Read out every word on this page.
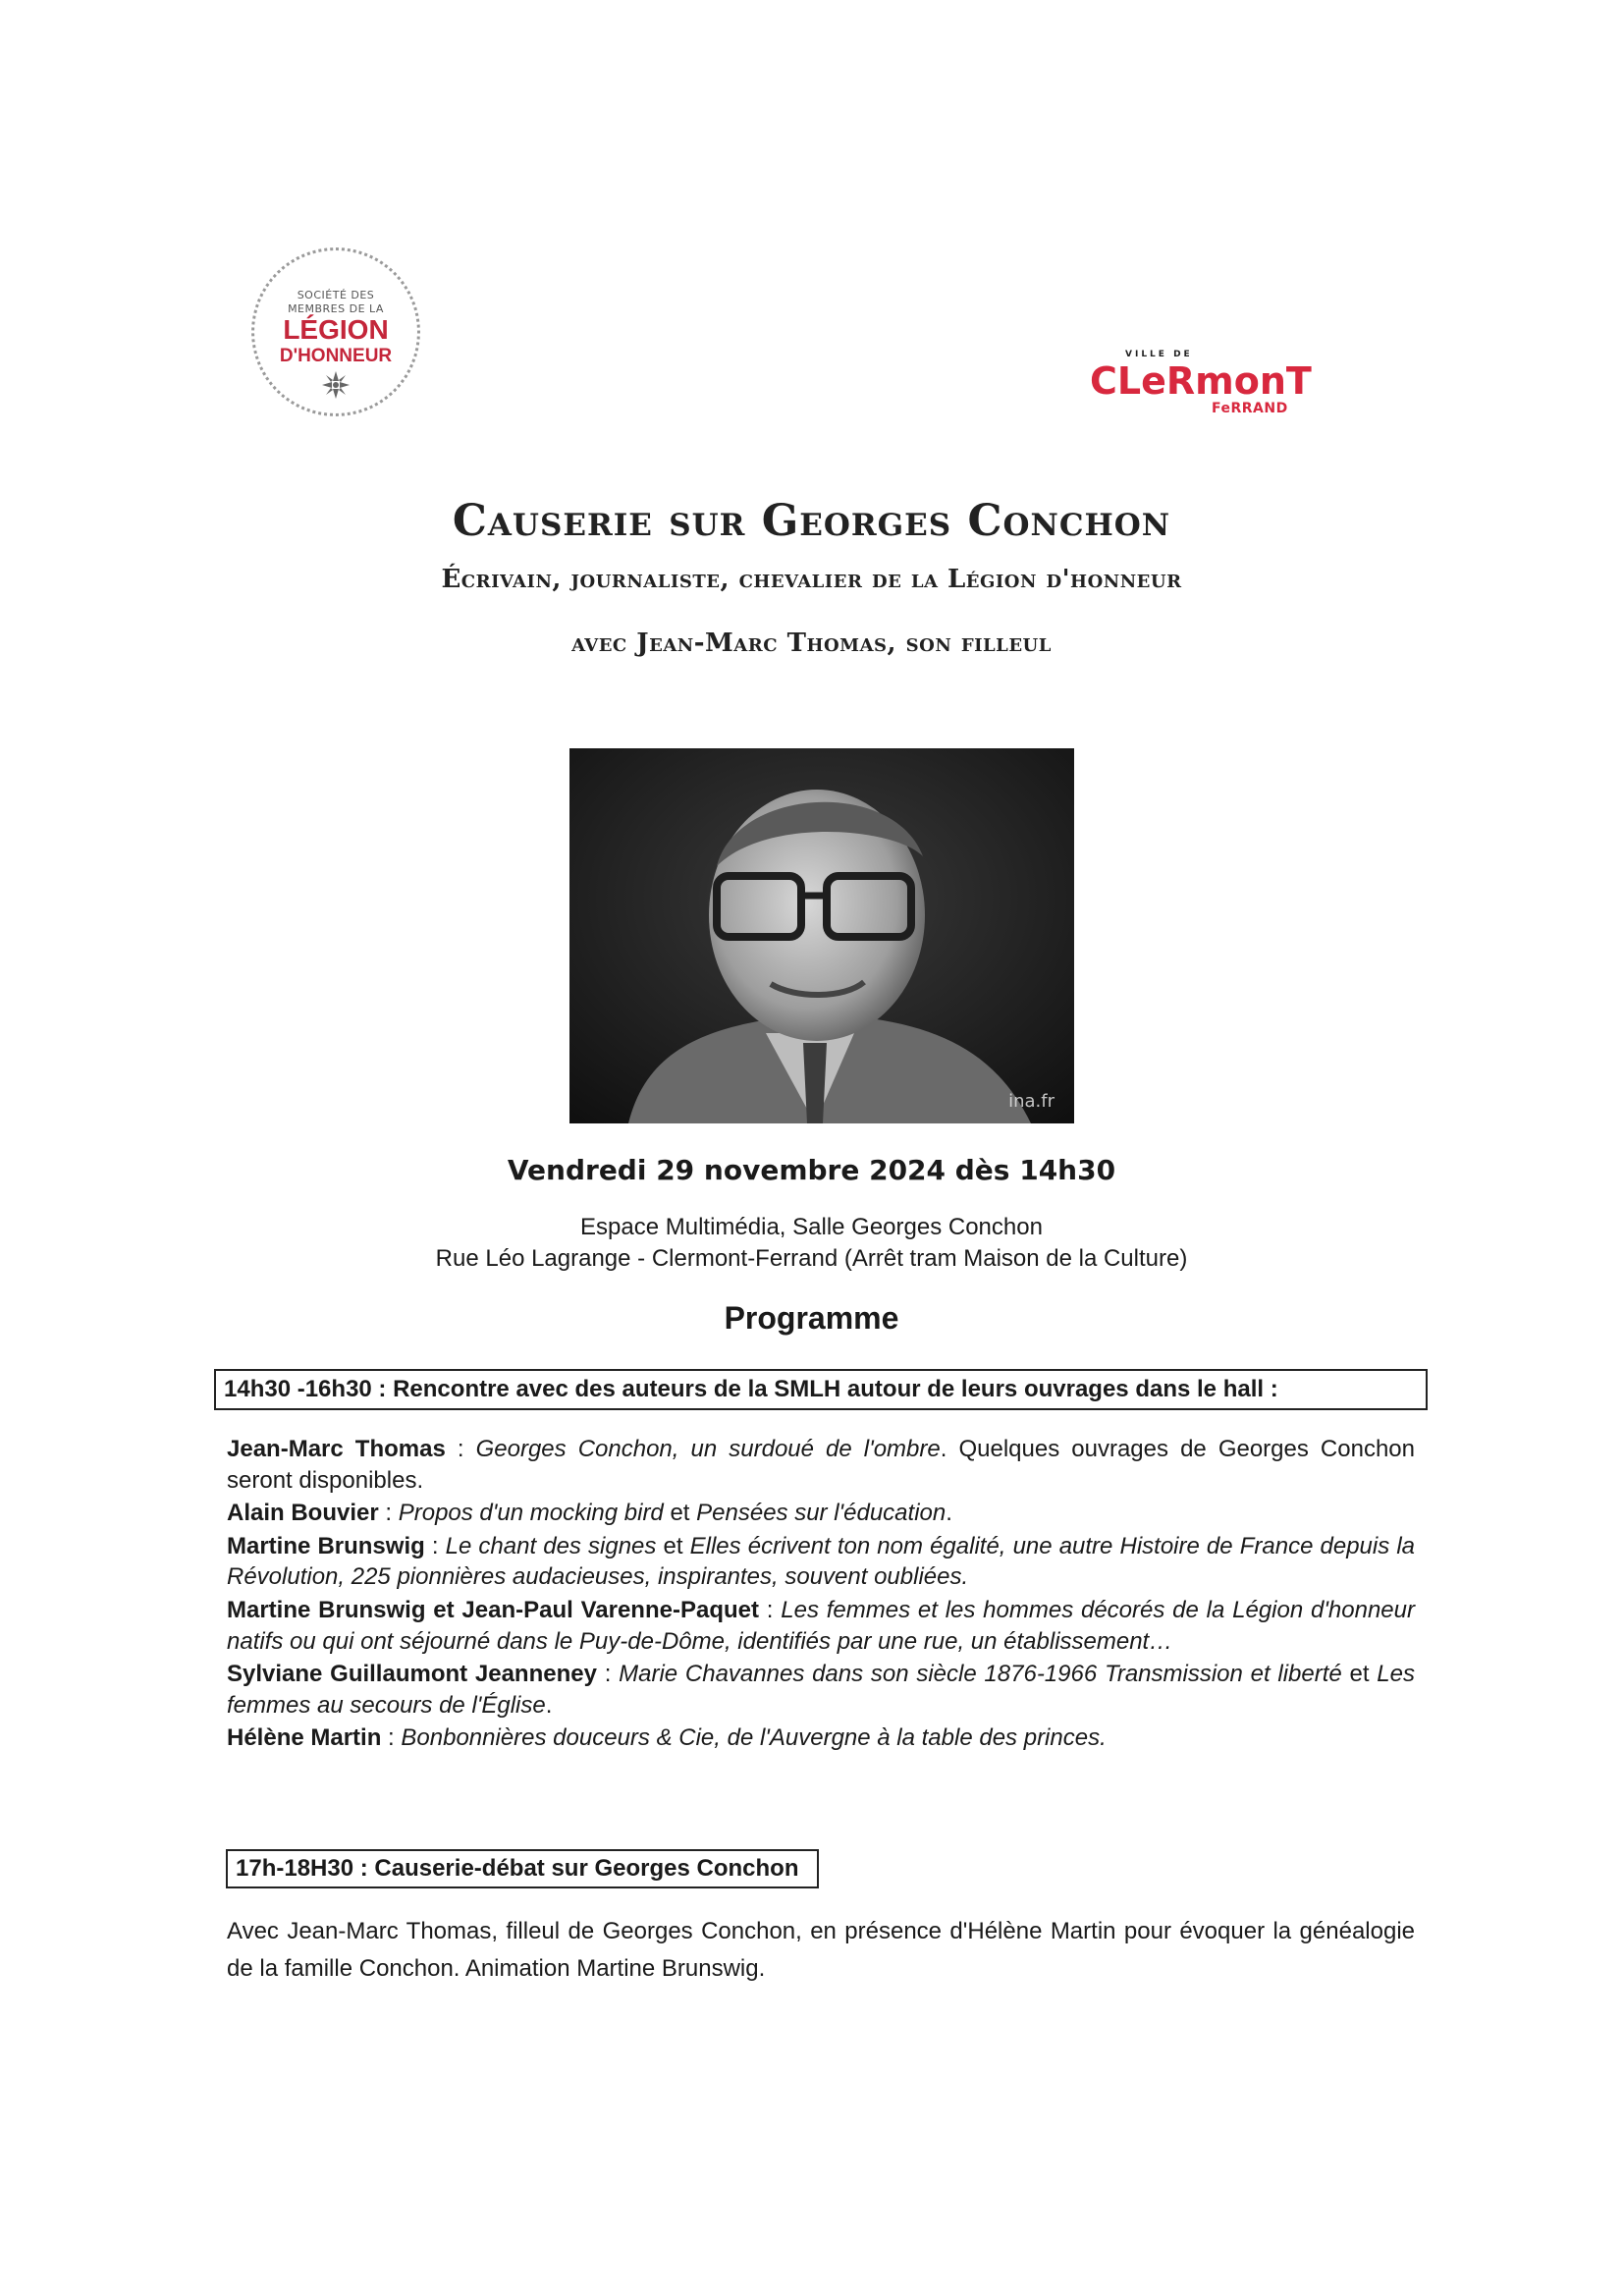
SOCIÉTÉ DES
MEMBRES DE LA
LÉGION
D'HONNEUR	VILLE DE
CLeRmonT
FeRRAND
Causerie sur Georges Conchon
Écrivain, journaliste, chevalier de la Légion d'honneur
avec Jean-Marc Thomas, son filleul
ina.fr
Vendredi 29 novembre 2024 dès 14h30
Espace Multimédia, Salle Georges Conchon
Rue Léo Lagrange - Clermont-Ferrand (Arrêt tram Maison de la Culture)
Programme
14h30 -16h30 : Rencontre avec des auteurs de la SMLH autour de leurs ouvrages dans le hall :

Jean-Marc Thomas : Georges Conchon, un surdoué de l'ombre. Quelques ouvrages de Georges Conchon seront disponibles.

Alain Bouvier : Propos d'un mocking bird et Pensées sur l'éducation.

Martine Brunswig : Le chant des signes et Elles écrivent ton nom égalité, une autre Histoire de France depuis la Révolution, 225 pionnières audacieuses, inspirantes, souvent oubliées.

Martine Brunswig et Jean-Paul Varenne-Paquet : Les femmes et les hommes décorés de la Légion d'honneur natifs ou qui ont séjourné dans le Puy-de-Dôme, identifiés par une rue, un établissement…

Sylviane Guillaumont Jeanneney : Marie Chavannes dans son siècle 1876-1966 Transmission et liberté et Les femmes au secours de l'Église.

Hélène Martin : Bonbonnières douceurs & Cie, de l'Auvergne à la table des princes.

17h-18H30 : Causerie-débat sur Georges Conchon

Avec Jean-Marc Thomas, filleul de Georges Conchon, en présence d'Hélène Martin pour évoquer la généalogie de la famille Conchon. Animation Martine Brunswig.
